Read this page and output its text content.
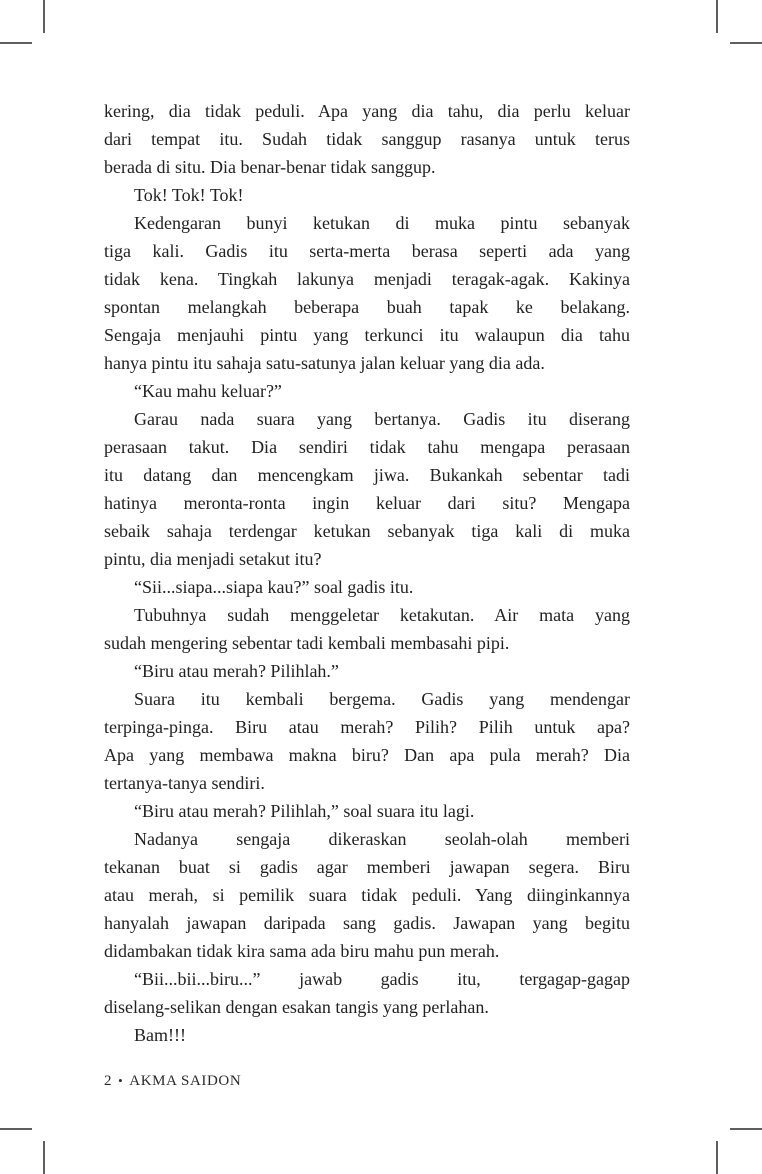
kering, dia tidak peduli. Apa yang dia tahu, dia perlu keluar
dari tempat itu. Sudah tidak sanggup rasanya untuk terus
berada di situ. Dia benar-benar tidak sanggup.
Tok! Tok! Tok!
Kedengaran bunyi ketukan di muka pintu sebanyak
tiga kali. Gadis itu serta-merta berasa seperti ada yang
tidak kena. Tingkah lakunya menjadi teragak-agak. Kakinya
spontan melangkah beberapa buah tapak ke belakang.
Sengaja menjauhi pintu yang terkunci itu walaupun dia tahu
hanya pintu itu sahaja satu-satunya jalan keluar yang dia ada.
“Kau mahu keluar?”
Garau nada suara yang bertanya. Gadis itu diserang
perasaan takut. Dia sendiri tidak tahu mengapa perasaan
itu datang dan mencengkam jiwa. Bukankah sebentar tadi
hatinya meronta-ronta ingin keluar dari situ? Mengapa
sebaik sahaja terdengar ketukan sebanyak tiga kali di muka
pintu, dia menjadi setakut itu?
“Sii...siapa...siapa kau?” soal gadis itu.
Tubuhnya sudah menggeletar ketakutan. Air mata yang
sudah mengering sebentar tadi kembali membasahi pipi.
“Biru atau merah? Pilihlah.”
Suara itu kembali bergema. Gadis yang mendengar
terpinga-pinga. Biru atau merah? Pilih? Pilih untuk apa?
Apa yang membawa makna biru? Dan apa pula merah? Dia
tertanya-tanya sendiri.
“Biru atau merah? Pilihlah,” soal suara itu lagi.
Nadanya sengaja dikeraskan seolah-olah memberi
tekanan buat si gadis agar memberi jawapan segera. Biru
atau merah, si pemilik suara tidak peduli. Yang diinginkannya
hanyalah jawapan daripada sang gadis. Jawapan yang begitu
didambakan tidak kira sama ada biru mahu pun merah.
“Bii...bii...biru...” jawab gadis itu, tergagap-gagap
diselang-selikan dengan esakan tangis yang perlahan.
Bam!!!
2 • AKMA SAIDON
